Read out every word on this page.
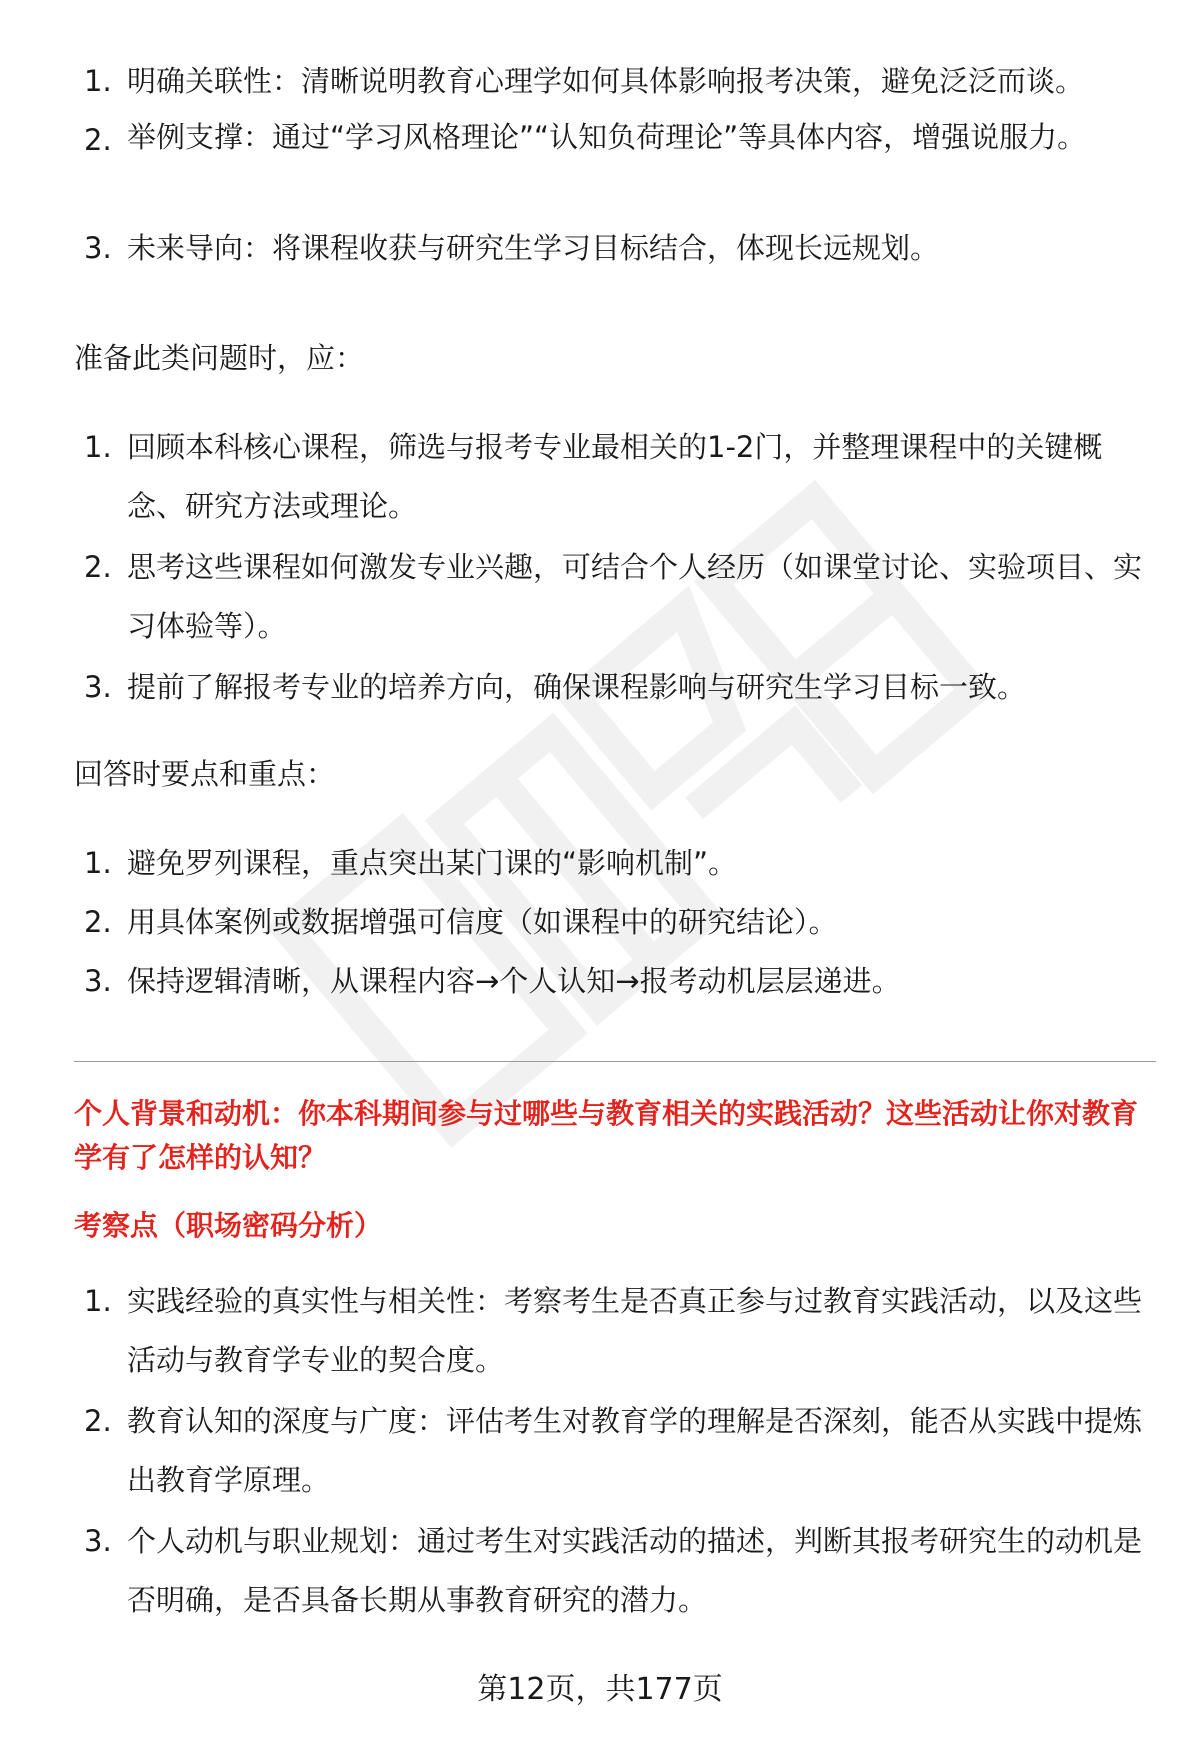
1. 明确关联性：清晰说明教育心理学如何具体影响报考决策，避免泛泛而谈。
2. 举例支撑：通过“学习风格理论”“认知负荷理论”等具体内容，增强说服力。
3. 未来导向：将课程收获与研究生学习目标结合，体现长远规划。

准备此类问题时，应：

1. 回顾本科核心课程，筛选与报考专业最相关的1-2门，并整理课程中的关键概念、研究方法或理论。
2. 思考这些课程如何激发专业兴趣，可结合个人经历（如课堂讨论、实验项目、实习体验等）。
3. 提前了解报考专业的培养方向，确保课程影响与研究生学习目标一致。

回答时要点和重点：

1. 避免罗列课程，重点突出某门课的“影响机制”。
2. 用具体案例或数据增强可信度（如课程中的研究结论）。
3. 保持逻辑清晰，从课程内容→个人认知→报考动机层层递进。

个人背景和动机：你本科期间参与过哪些与教育相关的实践活动？这些活动让你对教育学有了怎样的认知？

考察点（职场密码分析）

1. 实践经验的真实性与相关性：考察考生是否真正参与过教育实践活动，以及这些活动与教育学专业的契合度。
2. 教育认知的深度与广度：评估考生对教育学的理解是否深刻，能否从实践中提炼出教育学原理。
3. 个人动机与职业规划：通过考生对实践活动的描述，判断其报考研究生的动机是否明确，是否具备长期从事教育研究的潜力。
第12页，共177页
